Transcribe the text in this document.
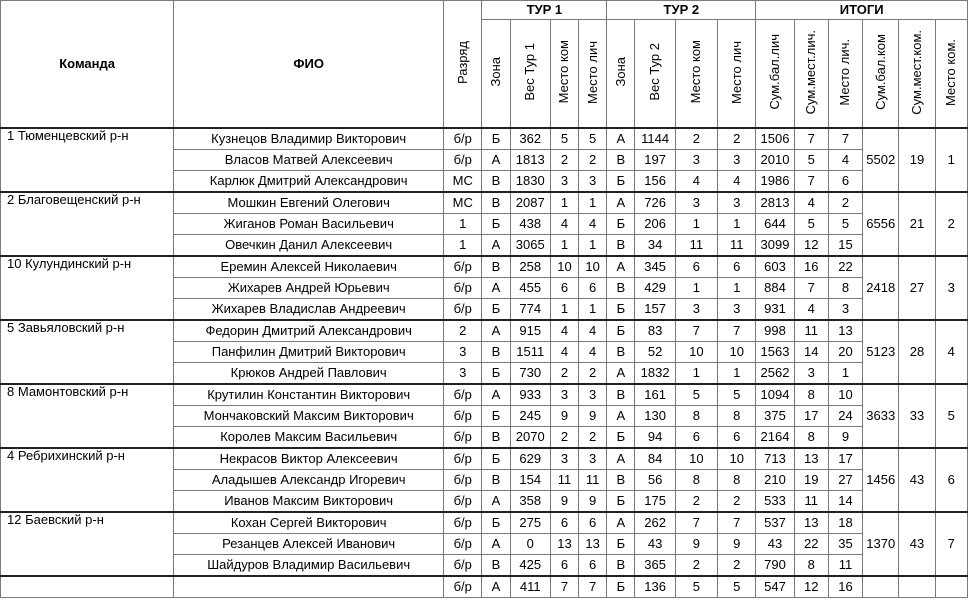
Команда	ФИО	Разряд	ТУР 1				ТУР 2				ИТОГИ					
			Зона	Вес Тур 1	Место ком	Место лич	Зона	Вес Тур 2	Место ком	Место лич	Сум.бал.лич	Сум.мест.лич.	Место лич.	Сум.бал.ком	Сум.мест.ком.	Место ком.
1 Тюменцевский р-н	Кузнецов Владимир Викторович	б/р	Б	362	5	5	А	1144	2	2	1506	7	7	5502	19	1
	Власов Матвей Алексеевич	б/р	А	1813	2	2	В	197	3	3	2010	5	4			
	Карлюк Дмитрий Александрович	МС	В	1830	3	3	Б	156	4	4	1986	7	6			
2 Благовещенский р-н	Мошкин Евгений Олегович	МС	В	2087	1	1	А	726	3	3	2813	4	2	6556	21	2
	Жиганов Роман Васильевич	1	Б	438	4	4	Б	206	1	1	644	5	5			
	Овечкин Данил Алексеевич	1	А	3065	1	1	В	34	11	11	3099	12	15			
10 Кулундинский р-н	Еремин Алексей Николаевич	б/р	В	258	10	10	А	345	6	6	603	16	22	2418	27	3
	Жихарев Андрей Юрьевич	б/р	А	455	6	6	В	429	1	1	884	7	8			
	Жихарев Владислав Андреевич	б/р	Б	774	1	1	Б	157	3	3	931	4	3			
5 Завьяловский р-н	Федорин Дмитрий Александрович	2	А	915	4	4	Б	83	7	7	998	11	13	5123	28	4
	Панфилин Дмитрий Викторович	3	В	1511	4	4	В	52	10	10	1563	14	20			
	Крюков Андрей Павлович	3	Б	730	2	2	А	1832	1	1	2562	3	1			
8 Мамонтовский р-н	Крутилин Константин Викторович	б/р	А	933	3	3	В	161	5	5	1094	8	10	3633	33	5
	Мончаковский Максим Викторович	б/р	Б	245	9	9	А	130	8	8	375	17	24			
	Королев Максим Васильевич	б/р	В	2070	2	2	Б	94	6	6	2164	8	9			
4 Ребрихинский р-н	Некрасов Виктор Алексеевич	б/р	Б	629	3	3	А	84	10	10	713	13	17	1456	43	6
	Аладышев Александр Игоревич	б/р	В	154	11	11	В	56	8	8	210	19	27			
	Иванов Максим Викторович	б/р	А	358	9	9	Б	175	2	2	533	11	14			
12 Баевский р-н	Кохан Сергей Викторович	б/р	Б	275	6	6	А	262	7	7	537	13	18	1370	43	7
	Резанцев Алексей Иванович	б/р	А	0	13	13	Б	43	9	9	43	22	35			
	Шайдуров Владимир Васильевич	б/р	В	425	6	6	В	365	2	2	790	8	11			
		б/р	А	411	7	7	Б	136	5	5	547	12	16			
